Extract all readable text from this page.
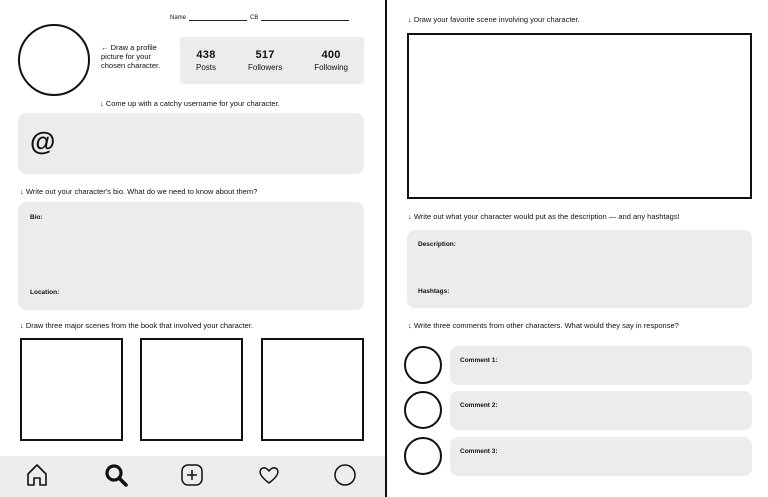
Name	CB
← Draw a profile picture for your chosen character.
438
Posts
517
Followers
400
Following
↓ Come up with a catchy username for your character.
@
↓ Write out your character's bio. What do we need to know about them?
Bio:
Location:
↓ Draw three major scenes from the book that involved your character.
↓ Draw your favorite scene involving your character.
↓ Write out what your character would put as the description — and any hashtags!
Description:
Hashtags:
↓ Write three comments from other characters. What would they say in response?
Comment 1:
Comment 2:
Comment 3:
